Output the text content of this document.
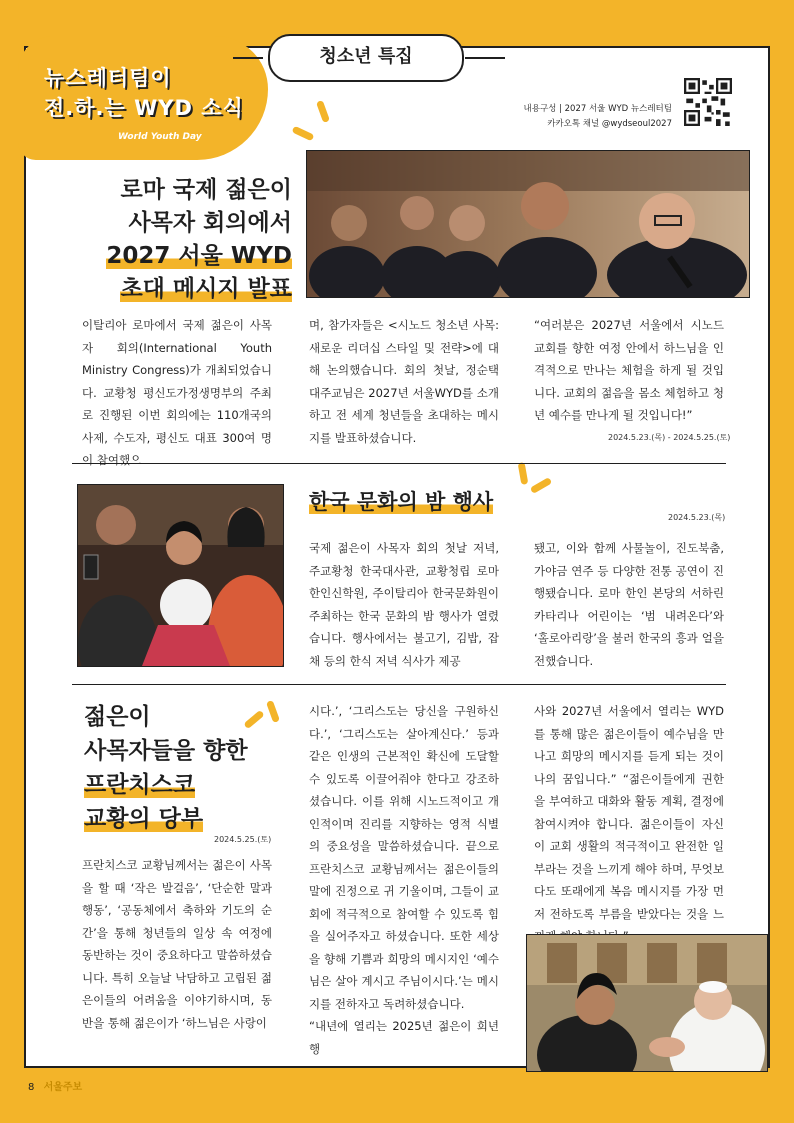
뉴스레터팀이
전.하.는 WYD 소식
World Youth Day
청소년 특집
내용구성 | 2027 서울 WYD 뉴스레터팀
카카오톡 채널 @wydseoul2027
로마 국제 젊은이
사목자 회의에서
2027 서울 WYD
초대 메시지 발표
이탈리아 로마에서 국제 젊은이 사목자 회의(International Youth Ministry Congress)가 개최되었습니다. 교황청 평신도가정생명부의 주최로 진행된 이번 회의에는 110개국의 사제, 수도자, 평신도 대표 300여 명이 참여했으
며, 참가자들은 <시노드 청소년 사목: 새로운 리더십 스타일 및 전략>에 대해 논의했습니다. 회의 첫날, 정순택 대주교님은 2027년 서울WYD를 소개하고 전 세계 청년들을 초대하는 메시지를 발표하셨습니다.
“여러분은 2027년 서울에서 시노드 교회를 향한 여정 안에서 하느님을 인격적으로 만나는 체험을 하게 될 것입니다. 교회의 젊음을 몸소 체험하고 청년 예수를 만나게 될 것입니다!”
2024.5.23.(목) - 2024.5.25.(토)
한국 문화의 밤 행사
2024.5.23.(목)
국제 젊은이 사목자 회의 첫날 저녁, 주교황청 한국대사관, 교황청립 로마 한인신학원, 주이탈리아 한국문화원이 주최하는 한국 문화의 밤 행사가 열렸습니다. 행사에서는 불고기, 김밥, 잡채 등의 한식 저녁 식사가 제공
됐고, 이와 함께 사물놀이, 진도북춤, 가야금 연주 등 다양한 전통 공연이 진행됐습니다. 로마 한인 본당의 서하린 카타리나 어린이는 ‘범 내려온다’와 ‘홀로아리랑’을 불러 한국의 흥과 얼을 전했습니다.
젊은이
사목자들을 향한
프란치스코
교황의 당부
2024.5.25.(토)
프란치스코 교황님께서는 젊은이 사목을 할 때 ‘작은 발걸음’, ‘단순한 말과 행동’, ‘공동체에서 축하와 기도의 순간’을 통해 청년들의 일상 속 여정에 동반하는 것이 중요하다고 말씀하셨습니다. 특히 오늘날 낙담하고 고립된 젊은이들의 어려움을 이야기하시며, 동반을 통해 젊은이가 ‘하느님은 사랑이
시다.’, ‘그리스도는 당신을 구원하신다.’, ‘그리스도는 살아계신다.’ 등과 같은 인생의 근본적인 확신에 도달할 수 있도록 이끌어줘야 한다고 강조하셨습니다. 이를 위해 시노드적이고 개인적이며 진리를 지향하는 영적 식별의 중요성을 말씀하셨습니다. 끝으로 프란치스코 교황님께서는 젊은이들의 말에 진정으로 귀 기울이며, 그들이 교회에 적극적으로 참여할 수 있도록 힘을 실어주자고 하셨습니다. 또한 세상을 향해 기쁨과 희망의 메시지인 ‘예수님은 살아 계시고 주님이시다.’는 메시지를 전하자고 독려하셨습니다.
“내년에 열리는 2025년 젊은이 희년 행
사와 2027년 서울에서 열리는 WYD를 통해 많은 젊은이들이 예수님을 만나고 희망의 메시지를 듣게 되는 것이 나의 꿈입니다.” “젊은이들에게 권한을 부여하고 대화와 활동 계획, 결정에 참여시켜야 합니다. 젊은이들이 자신이 교회 생활의 적극적이고 완전한 일부라는 것을 느끼게 해야 하며, 무엇보다도 또래에게 복음 메시지를 가장 먼저 전하도록 부름을 받았다는 것을 느
8 서울주보
